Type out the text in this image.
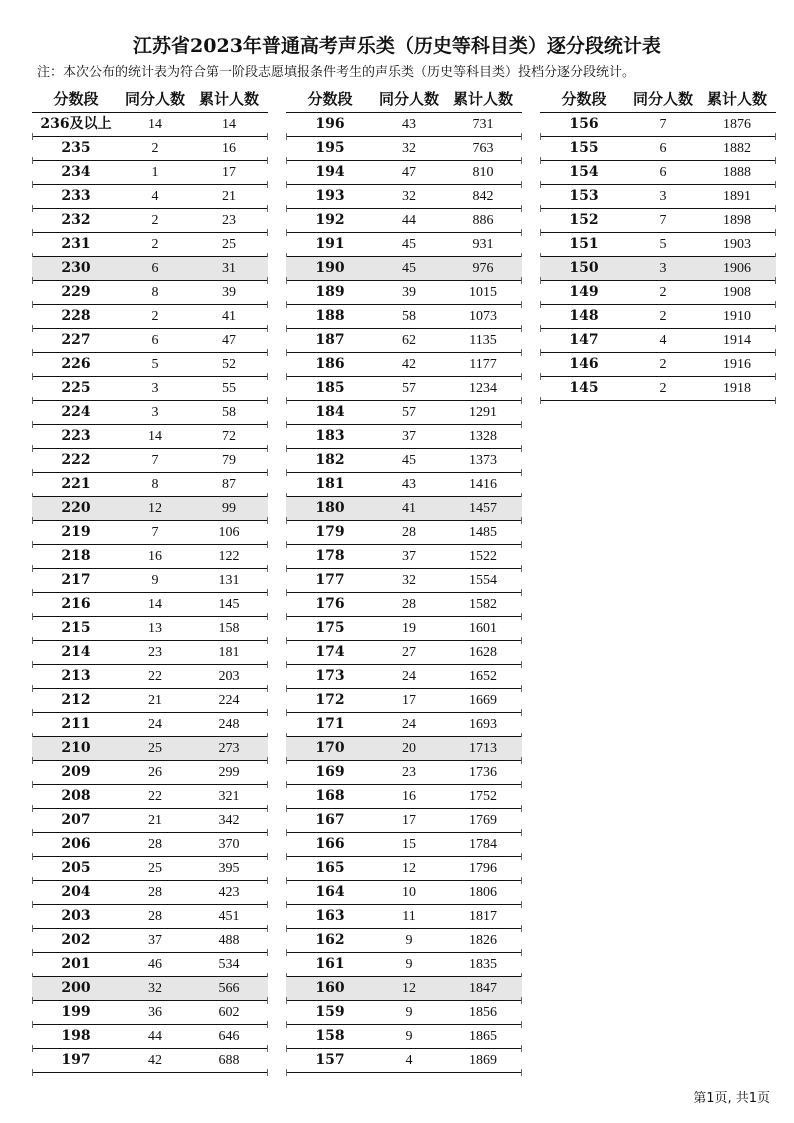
江苏省2023年普通高考声乐类（历史等科目类）逐分段统计表
注：本次公布的统计表为符合第一阶段志愿填报条件考生的声乐类（历史等科目类）投档分逐分段统计。
分数段	同分人数 累计人数
236及以上	14	14
235	2	16
234	1	17
233	4	21
232	2	23
231	2	25
230	6	31
229	8	39
228	2	41
227	6	47
226	5	52
225	3	55
224	3	58
223	14	72
222	7	79
221	8	87
220	12	99
219	7	106
218	16	122
217	9	131
216	14	145
215	13	158
214	23	181
213	22	203
212	21	224
211	24	248
210	25	273
209	26	299
208	22	321
207	21	342
206	28	370
205	25	395
204	28	423
203	28	451
202	37	488
201	46	534
200	32	566
199	36	602
198	44	646
197	42	688
分数段	同分人数 累计人数
196	43	731
195	32	763
194	47	810
193	32	842
192	44	886
191	45	931
190	45	976
189	39	1015
188	58	1073
187	62	1135
186	42	1177
185	57	1234
184	57	1291
183	37	1328
182	45	1373
181	43	1416
180	41	1457
179	28	1485
178	37	1522
177	32	1554
176	28	1582
175	19	1601
174	27	1628
173	24	1652
172	17	1669
171	24	1693
170	20	1713
169	23	1736
168	16	1752
167	17	1769
166	15	1784
165	12	1796
164	10	1806
163	11	1817
162	9	1826
161	9	1835
160	12	1847
159	9	1856
158	9	1865
157	4	1869
分数段	同分人数 累计人数
156	7	1876
155	6	1882
154	6	1888
153	3	1891
152	7	1898
151	5	1903
150	3	1906
149	2	1908
148	2	1910
147	4	1914
146	2	1916
145	2	1918
第1页, 共1页
